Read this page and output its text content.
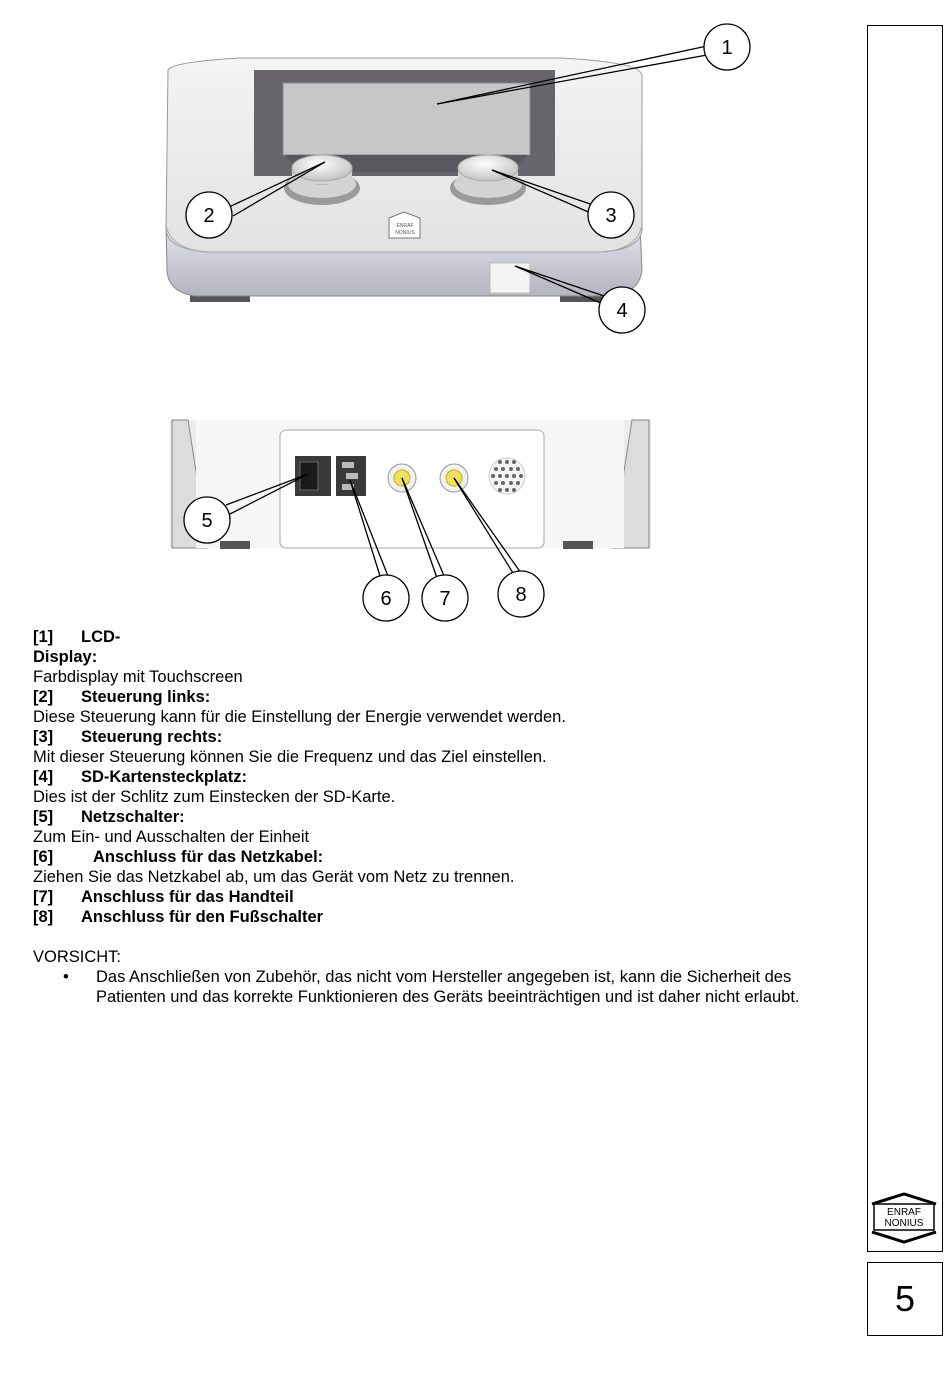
ENRAF
NONIUS
1
2	3
4
5
6 7	8
[1] LCD-
Display:
Farbdisplay mit Touchscreen
[2] Steuerung links:
Diese Steuerung kann für die Einstellung der Energie verwendet werden.
[3] Steuerung rechts:
Mit dieser Steuerung können Sie die Frequenz und das Ziel einstellen.
[4] SD-Kartensteckplatz:
Dies ist der Schlitz zum Einstecken der SD-Karte.
[5] Netzschalter:
Zum Ein- und Ausschalten der Einheit
[6] Anschluss für das Netzkabel:
Ziehen Sie das Netzkabel ab, um das Gerät vom Netz zu trennen.
[7] Anschluss für das Handteil
[8] Anschluss für den Fußschalter
VORSICHT:
• Das Anschließen von Zubehör, das nicht vom Hersteller angegeben ist, kann die Sicherheit des Patienten und das korrekte Funktionieren des Geräts beeinträchtigen und ist daher nicht erlaubt.
ENRAF
NONIUS
5
